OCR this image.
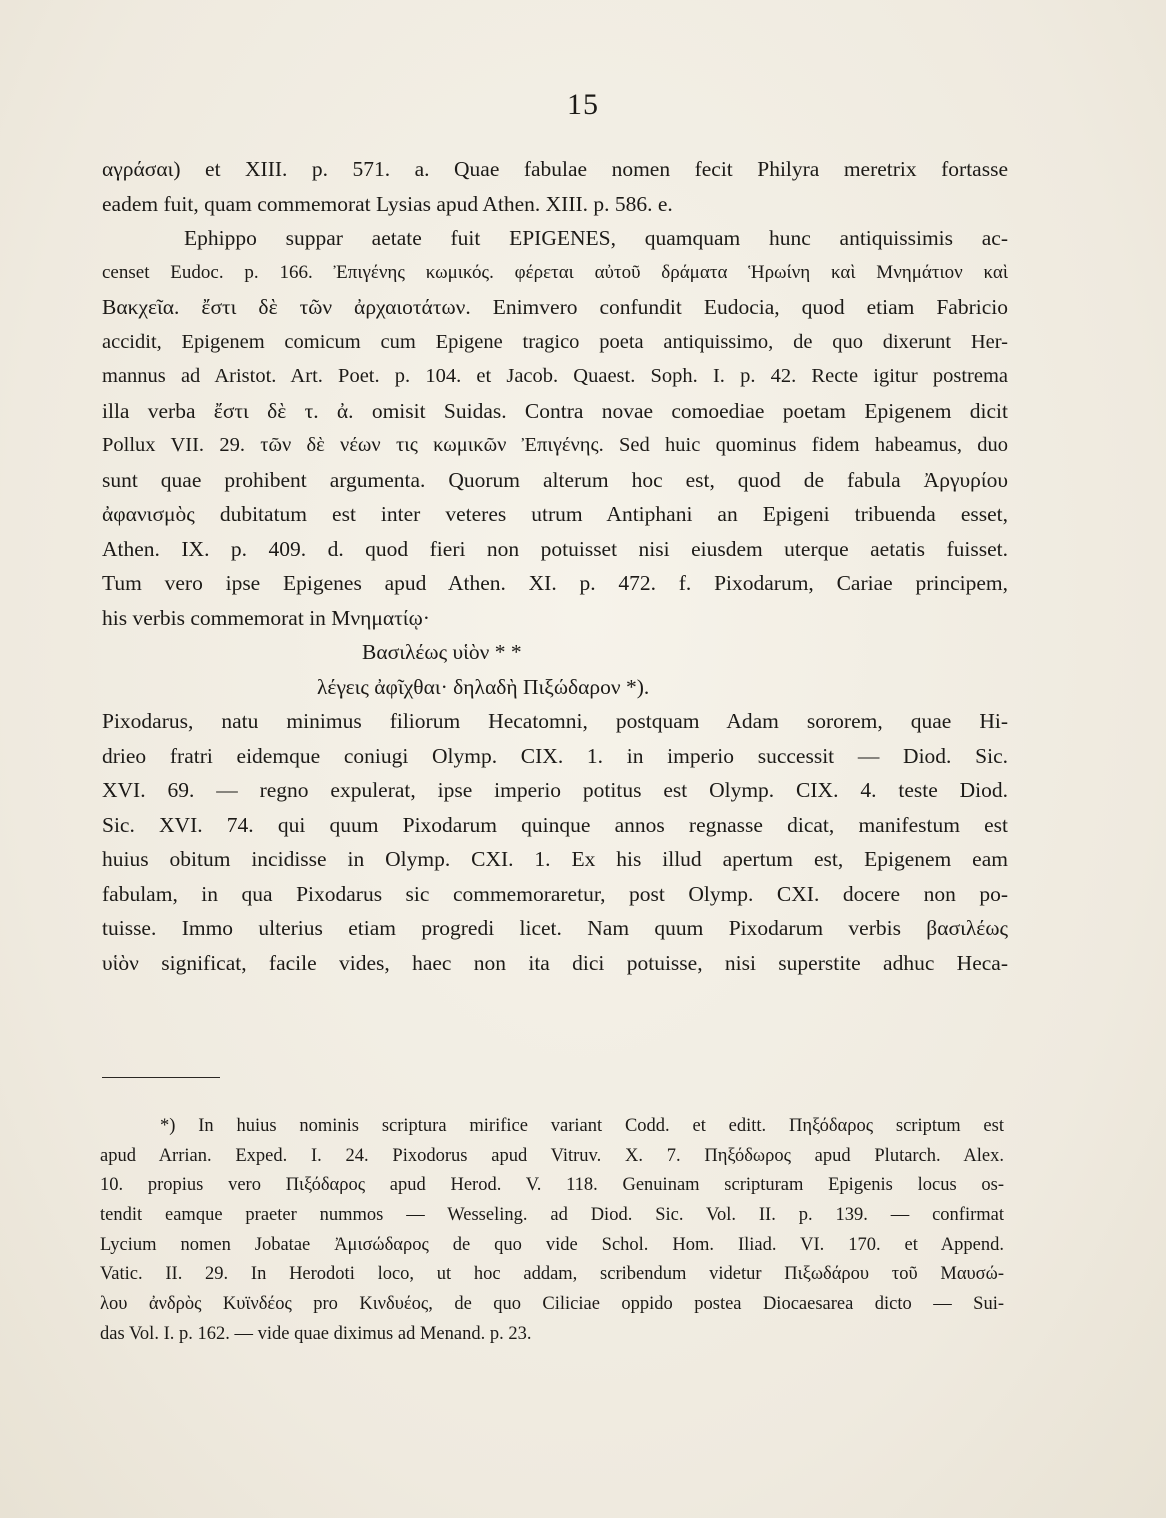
15
αγράσαι) et XIII. p. 571. a. Quae fabulae nomen fecit Philyra meretrix fortasse
eadem fuit, quam commemorat Lysias apud Athen. XIII. p. 586. e.
Ephippo suppar aetate fuit EPIGENES, quamquam hunc antiquissimis ac-
censet Eudoc. p. 166. Ἐπιγένης κωμικός. φέρεται αὐτοῦ δράματα Ἡρωίνη καὶ Μνημάτιον καὶ
Βακχεῖα. ἔστι δὲ τῶν ἀρχαιοτάτων. Enimvero confundit Eudocia, quod etiam Fabricio
accidit, Epigenem comicum cum Epigene tragico poeta antiquissimo, de quo dixerunt Her-
mannus ad Aristot. Art. Poet. p. 104. et Jacob. Quaest. Soph. I. p. 42. Recte igitur postrema
illa verba ἔστι δὲ τ. ἀ. omisit Suidas. Contra novae comoediae poetam Epigenem dicit
Pollux VII. 29. τῶν δὲ νέων τις κωμικῶν Ἐπιγένης. Sed huic quominus fidem habeamus, duo
sunt quae prohibent argumenta. Quorum alterum hoc est, quod de fabula Ἀργυρίου
ἀφανισμὸς dubitatum est inter veteres utrum Antiphani an Epigeni tribuenda esset,
Athen. IX. p. 409. d. quod fieri non potuisset nisi eiusdem uterque aetatis fuisset.
Tum vero ipse Epigenes apud Athen. XI. p. 472. f. Pixodarum, Cariae principem,
his verbis commemorat in Μνηματίῳ·
Βασιλέως υἱὸν * *
λέγεις ἀφῖχθαι· δηλαδὴ Πιξώδαρον *).
Pixodarus, natu minimus filiorum Hecatomni, postquam Adam sororem, quae Hi-
drieo fratri eidemque coniugi Olymp. CIX. 1. in imperio successit — Diod. Sic.
XVI. 69. — regno expulerat, ipse imperio potitus est Olymp. CIX. 4. teste Diod.
Sic. XVI. 74. qui quum Pixodarum quinque annos regnasse dicat, manifestum est
huius obitum incidisse in Olymp. CXI. 1. Ex his illud apertum est, Epigenem eam
fabulam, in qua Pixodarus sic commemoraretur, post Olymp. CXI. docere non po-
tuisse. Immo ulterius etiam progredi licet. Nam quum Pixodarum verbis βασιλέως
υἱὸν significat, facile vides, haec non ita dici potuisse, nisi superstite adhuc Heca-
*) In huius nominis scriptura mirifice variant Codd. et editt. Πηξόδαρος scriptum est
apud Arrian. Exped. I. 24. Pixodorus apud Vitruv. X. 7. Πηξόδωρος apud Plutarch. Alex.
10. propius vero Πιξόδαρος apud Herod. V. 118. Genuinam scripturam Epigenis locus os-
tendit eamque praeter nummos — Wesseling. ad Diod. Sic. Vol. II. p. 139. — confirmat
Lycium nomen Jobatae Ἀμισώδαρος de quo vide Schol. Hom. Iliad. VI. 170. et Append.
Vatic. II. 29. In Herodoti loco, ut hoc addam, scribendum videtur Πιξωδάρου τοῦ Μαυσώ-
λου ἀνδρὸς Κυϊνδέος pro Κινδυέος, de quo Ciliciae oppido postea Diocaesarea dicto — Sui-
das Vol. I. p. 162. — vide quae diximus ad Menand. p. 23.
